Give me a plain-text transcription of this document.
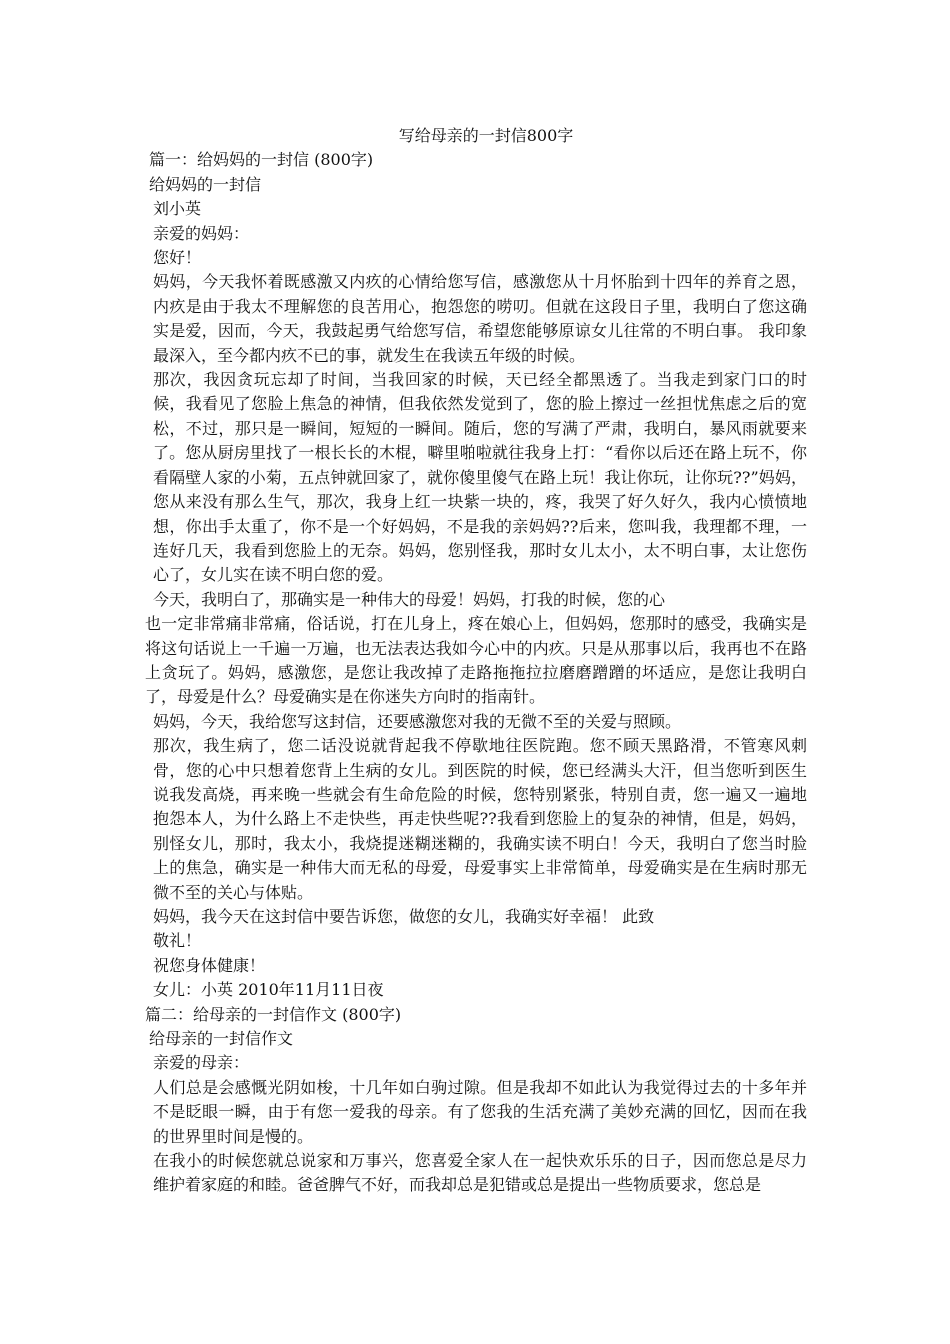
写给母亲的一封信800字

篇一：给妈妈的一封信 (800字)

给妈妈的一封信

刘小英

亲爱的妈妈：

您好！

妈妈，今天我怀着既感激又内疚的心情给您写信，感激您从十月怀胎到十四年的养育之恩，内疚是由于我太不理解您的良苦用心，抱怨您的唠叨。但就在这段日子里，我明白了您这确实是爱，因而，今天，我鼓起勇气给您写信，希望您能够原谅女儿往常的不明白事。 我印象最深入，至今都内疚不已的事，就发生在我读五年级的时候。

那次，我因贪玩忘却了时间，当我回家的时候，天已经全都黑透了。当我走到家门口的时候，我看见了您脸上焦急的神情，但我依然发觉到了，您的脸上擦过一丝担忧焦虑之后的宽松，不过，那只是一瞬间，短短的一瞬间。随后，您的写满了严肃，我明白，暴风雨就要来了。您从厨房里找了一根长长的木棍，噼里啪啦就往我身上打：“看你以后还在路上玩不，你看隔壁人家的小菊，五点钟就回家了，就你傻里傻气在路上玩！我让你玩，让你玩??”妈妈，您从来没有那么生气，那次，我身上红一块紫一块的，疼，我哭了好久好久，我内心愤愤地想，你出手太重了，你不是一个好妈妈，不是我的亲妈妈??后来，您叫我，我理都不理，一连好几天，我看到您脸上的无奈。妈妈，您别怪我，那时女儿太小，太不明白事，太让您伤心了，女儿实在读不明白您的爱。

今天，我明白了，那确实是一种伟大的母爱！妈妈，打我的时候，您的心

也一定非常痛非常痛，俗话说，打在儿身上，疼在娘心上，但妈妈，您那时的感受，我确实是将这句话说上一千遍一万遍，也无法表达我如今心中的内疚。只是从那事以后，我再也不在路上贪玩了。妈妈，感激您，是您让我改掉了走路拖拖拉拉磨磨蹭蹭的坏适应，是您让我明白了，母爱是什么？母爱确实是在你迷失方向时的指南针。

妈妈，今天，我给您写这封信，还要感激您对我的无微不至的关爱与照顾。

那次，我生病了，您二话没说就背起我不停歇地往医院跑。您不顾天黑路滑，不管寒风刺骨，您的心中只想着您背上生病的女儿。到医院的时候，您已经满头大汗，但当您听到医生说我发高烧，再来晚一些就会有生命危险的时候，您特别紧张，特别自责，您一遍又一遍地抱怨本人，为什么路上不走快些，再走快些呢??我看到您脸上的复杂的神情，但是，妈妈，别怪女儿，那时，我太小，我烧提迷糊迷糊的，我确实读不明白！今天，我明白了您当时脸上的焦急，确实是一种伟大而无私的母爱，母爱事实上非常简单，母爱确实是在生病时那无微不至的关心与体贴。

妈妈，我今天在这封信中要告诉您，做您的女儿，我确实好幸福！ 此致

敬礼！

祝您身体健康！

女儿：小英 2010年11月11日夜

篇二：给母亲的一封信作文 (800字)

给母亲的一封信作文

亲爱的母亲：

人们总是会感慨光阴如梭，十几年如白驹过隙。但是我却不如此认为我觉得过去的十多年并不是眨眼一瞬，由于有您一爱我的母亲。有了您我的生活充满了美妙充满的回忆，因而在我的世界里时间是慢的。

在我小的时候您就总说家和万事兴，您喜爱全家人在一起快欢乐乐的日子，因而您总是尽力维护着家庭的和睦。爸爸脾气不好，而我却总是犯错或总是提出一些物质要求，您总是
